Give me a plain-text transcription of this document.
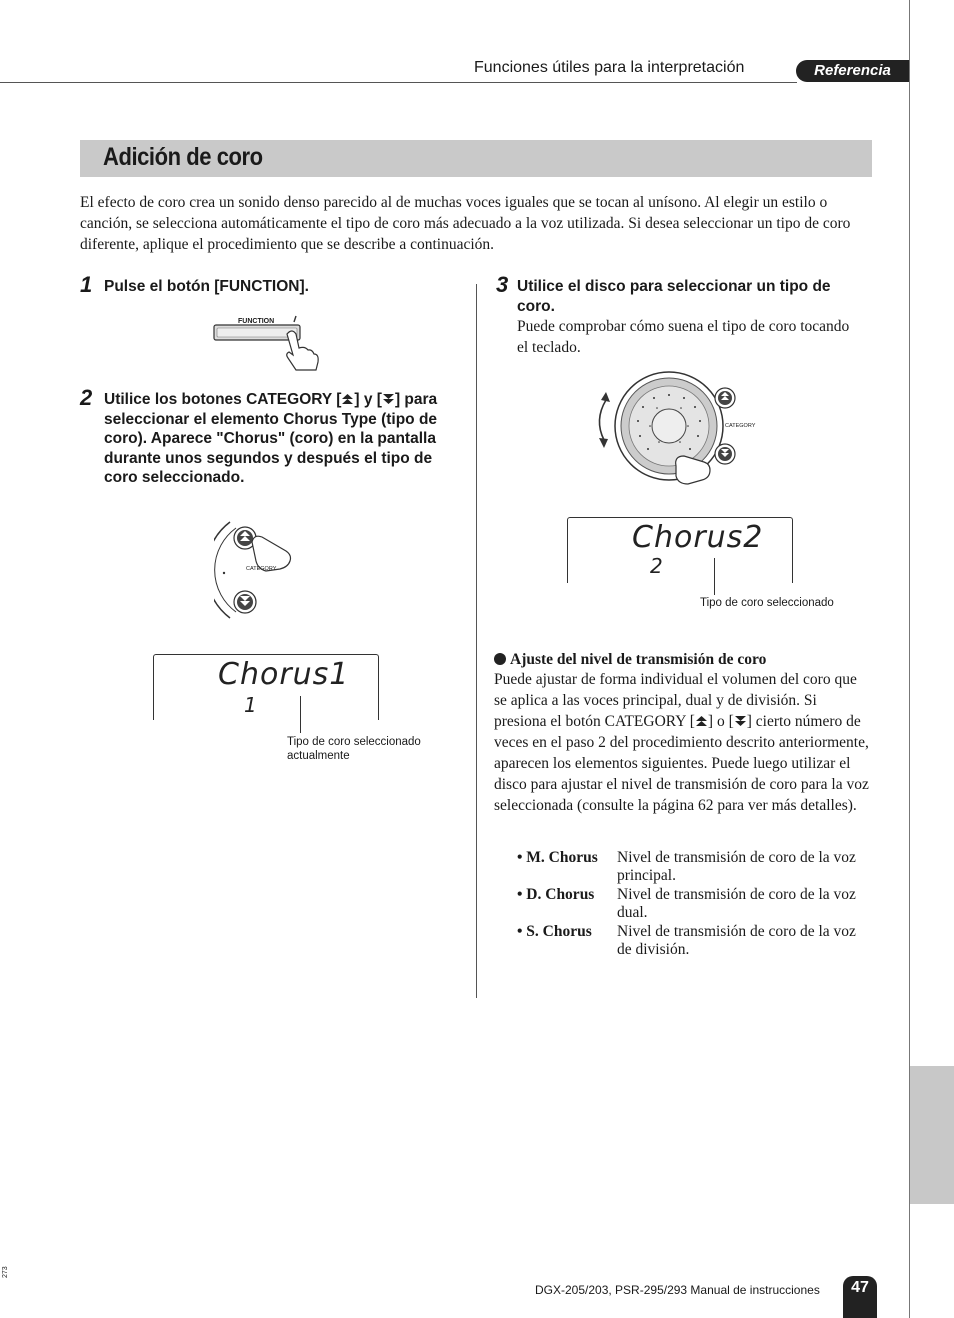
Funciones útiles para la interpretación	Referencia
Adición de coro

El efecto de coro crea un sonido denso parecido al de muchas voces iguales que se tocan al unísono. Al elegir un estilo o canción, se selecciona automáticamente el tipo de coro más adecuado a la voz utilizada. Si desea seleccionar un tipo de coro diferente, aplique el procedimiento que se describe a continuación.

1 Pulse el botón [FUNCTION].
FUNCTION
2 Utilice los botones CATEGORY [ ] y [ ] para seleccionar el elemento Chorus Type (tipo de coro). Aparece "Chorus" (coro) en la pantalla durante unos segundos y después el tipo de coro seleccionado.
CATEGORY
Chorus1
1
Tipo de coro seleccionado actualmente
3 Utilice el disco para seleccionar un tipo de coro.
Puede comprobar cómo suena el tipo de coro tocando el teclado.
CATEGORY
Chorus2
2
Tipo de coro seleccionado
Ajuste del nivel de transmisión de coro

Puede ajustar de forma individual el volumen del coro que se aplica a las voces principal, dual y de división. Si presiona el botón CATEGORY [ ] o [ ] cierto número de veces en el paso 2 del procedimiento descrito anteriormente, aparecen los elementos siguientes. Puede luego utilizar el disco para ajustar el nivel de transmisión de coro para la voz seleccionada (consulte la página 62 para ver más detalles).

• M. Chorus	Nivel de transmisión de coro de la voz principal.
• D. Chorus	Nivel de transmisión de coro de la voz dual.
• S. Chorus	Nivel de transmisión de coro de la voz de división.
273
DGX-205/203, PSR-295/293 Manual de instrucciones	47
